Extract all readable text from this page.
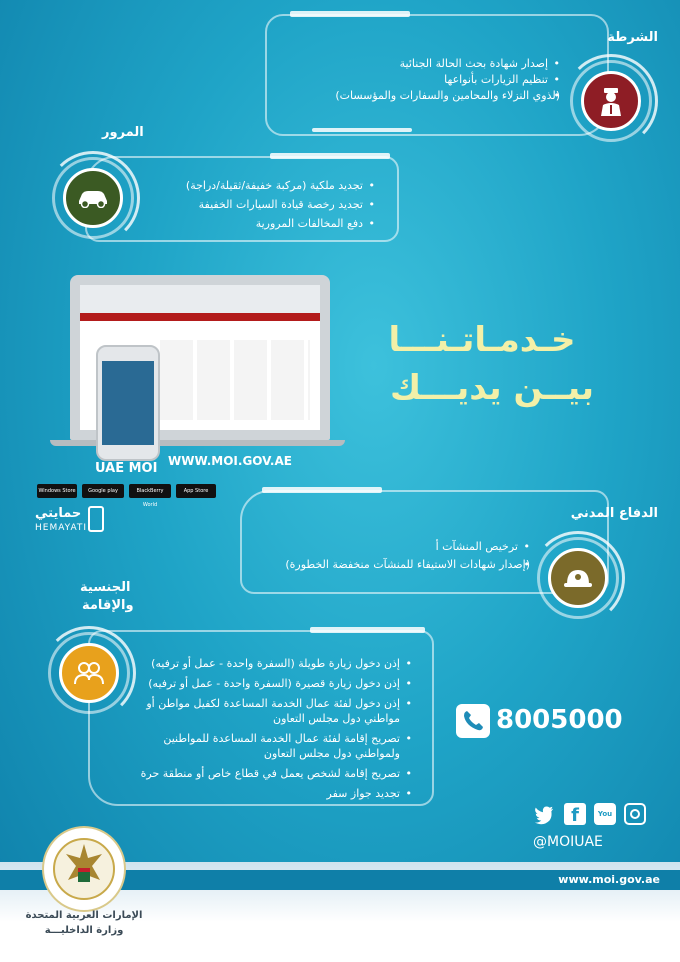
الشرطة
• إصدار شهادة بحث الحالة الجنائية
• تنظيم الزيارات بأنواعها
• (لذوي النزلاء والمحامين والسفارات والمؤسسات)
المرور
• تجديد ملكية (مركبة خفيفة/ثقيلة/دراجة)
• تجديد رخصة قيادة السيارات الخفيفة
• دفع المخالفات المرورية
UAE MOI WWW.MOI.GOV.AE
Windows Store	Google play	BlackBerry World
App Store
حمايتي
HEMAYATI
خـدمـاتـنـــا
بيــن يديـــك
الدفاع المدني
• ترخيص المنشآت أ
• (إصدار شهادات الاستيفاء للمنشآت منخفضة الخطورة)
الجنسية
والإقامة
• إذن دخول زيارة طويلة (السفرة واحدة - عمل أو ترفيه)
• إذن دخول زيارة قصيرة (السفرة واحدة - عمل أو ترفيه)
• إذن دخول لفئة عمال الخدمة المساعدة لكفيل مواطن أو مواطني دول مجلس التعاون
• تصريح إقامة لفئة عمال الخدمة المساعدة للمواطنين ولمواطني دول مجلس التعاون
• تصريح إقامة لشخص يعمل في قطاع خاص أو منطقة حرة
• تجديد جواز سفر
8005000
f	You
@MOIUAE
www.moi.gov.ae
الإمارات العربية المتحدة
وزارة الداخليـــة
